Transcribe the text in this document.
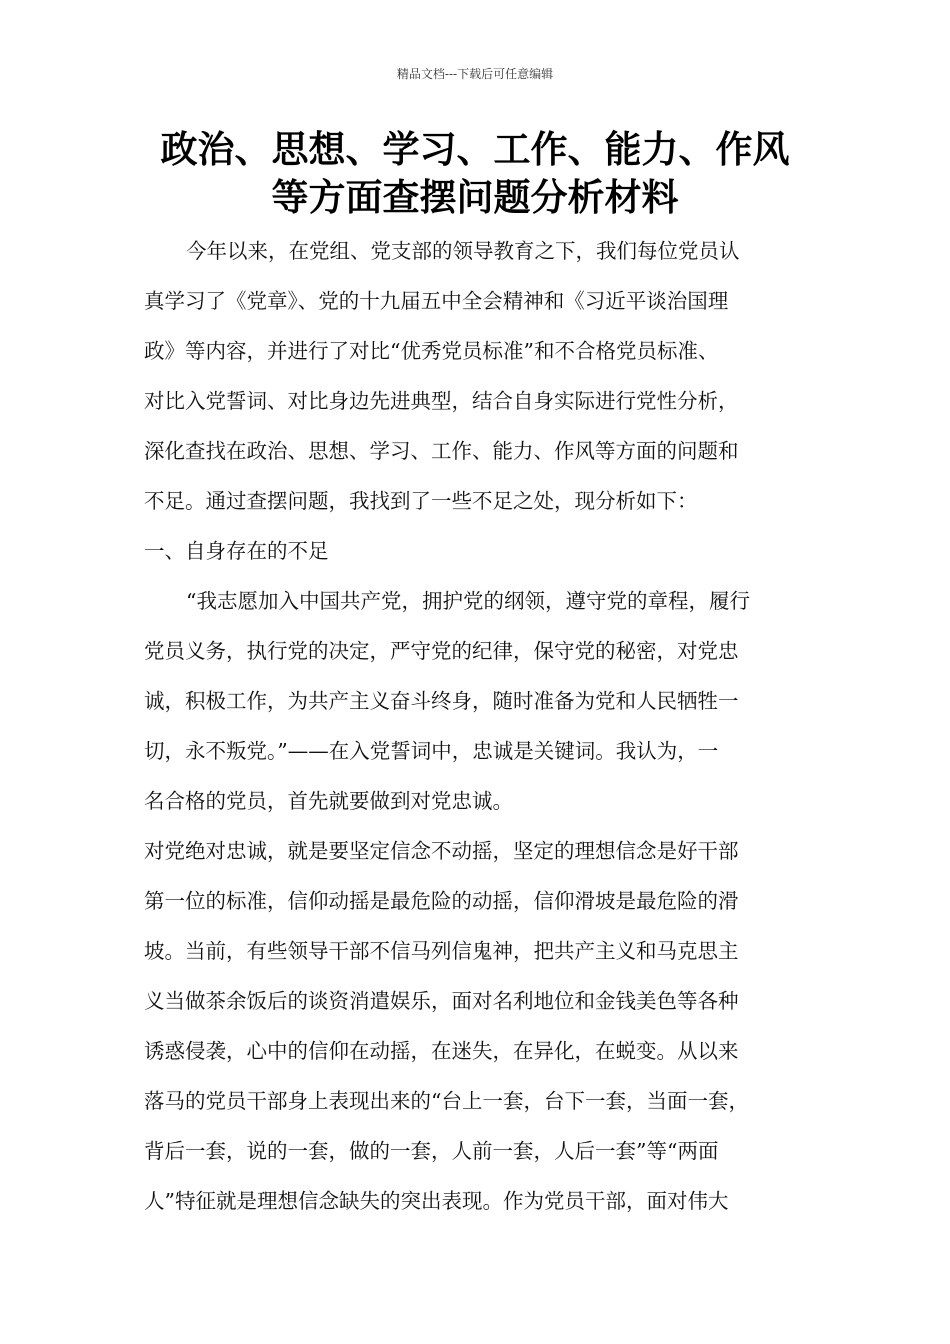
精品文档---下载后可任意编辑
政治、思想、学习、工作、能力、作风
等方面查摆问题分析材料
今年以来，在党组、党支部的领导教育之下，我们每位党员认
真学习了《党章》、党的十九届五中全会精神和《习近平谈治国理
政》等内容，并进行了对比“优秀党员标准”和不合格党员标准、
对比入党誓词、对比身边先进典型，结合自身实际进行党性分析，
深化查找在政治、思想、学习、工作、能力、作风等方面的问题和
不足。通过查摆问题，我找到了一些不足之处，现分析如下：
一、自身存在的不足
“我志愿加入中国共产党，拥护党的纲领，遵守党的章程，履行
党员义务，执行党的决定，严守党的纪律，保守党的秘密，对党忠
诚，积极工作，为共产主义奋斗终身，随时准备为党和人民牺牲一
切，永不叛党。”——在入党誓词中，忠诚是关键词。我认为，一
名合格的党员，首先就要做到对党忠诚。
对党绝对忠诚，就是要坚定信念不动摇，坚定的理想信念是好干部
第一位的标准，信仰动摇是最危险的动摇，信仰滑坡是最危险的滑
坡。当前，有些领导干部不信马列信鬼神，把共产主义和马克思主
义当做茶余饭后的谈资消遣娱乐，面对名利地位和金钱美色等各种
诱惑侵袭，心中的信仰在动摇，在迷失，在异化，在蜕变。从以来
落马的党员干部身上表现出来的“台上一套，台下一套，当面一套，
背后一套，说的一套，做的一套，人前一套，人后一套”等“两面
人”特征就是理想信念缺失的突出表现。作为党员干部，面对伟大
